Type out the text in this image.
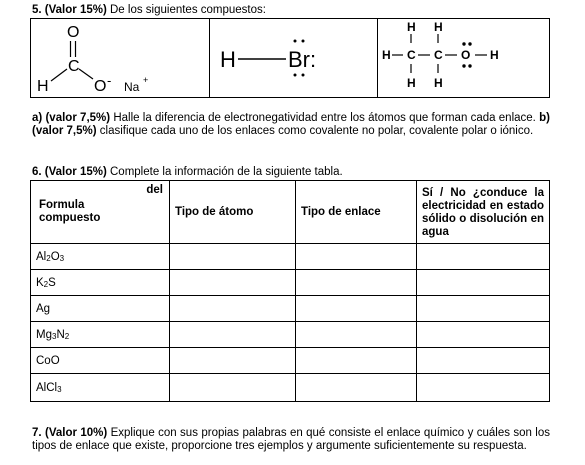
5. (Valor 15%) De los siguientes compuestos:
O
C
H	O - Na +
H Br:
H H
H C C O H
H H
a) (valor 7,5%) Halle la diferencia de electronegatividad entre los átomos que forman cada enlace. b) (valor 7,5%) clasifique cada uno de los enlaces como covalente no polar, covalente polar o iónico.
6. (Valor 15%) Complete la información de la siguiente tabla.
del
Formula compuesto	Tipo de átomo	Tipo de enlace	Sí / No ¿conduce la electricidad en estado sólido o disolución en agua
$Al_2O_3$			
$K_2S$			
Ag			
$Mg_3N_2$			
CoO			
AlCl$_3$			
7. (Valor 10%) Explique con sus propias palabras en qué consiste el enlace químico y cuáles son los tipos de enlace que existe, proporcione tres ejemplos y argumente suficientemente su respuesta.
